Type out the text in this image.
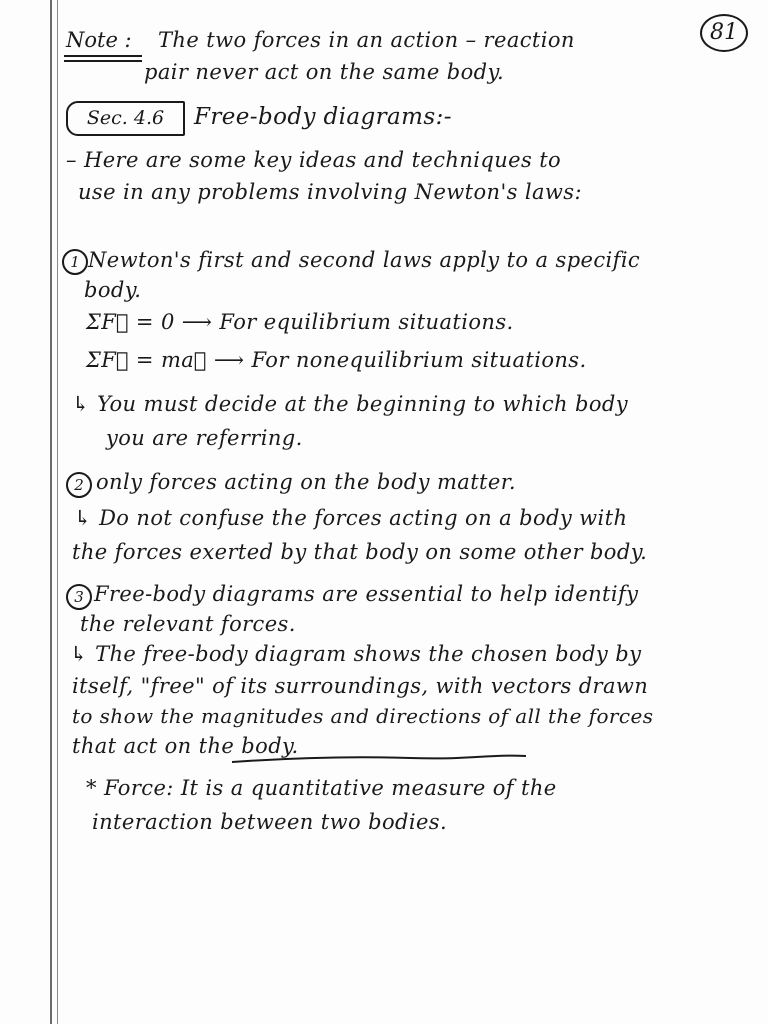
81
Note : The two forces in an action – reaction
pair never act on the same body.
Sec. 4.6	Free-body diagrams:-
– Here are some key ideas and techniques to
use in any problems involving Newton's laws:
1 Newton's first and second laws apply to a specific
body.
ΣF⃗ = 0 ⟶ For equilibrium situations.
ΣF⃗ = ma⃗ ⟶ For nonequilibrium situations.
↳ You must decide at the beginning to which body
you are referring.
2 only forces acting on the body matter.
↳ Do not confuse the forces acting on a body with
the forces exerted by that body on some other body.
3 Free-body diagrams are essential to help identify
the relevant forces.
↳ The free-body diagram shows the chosen body by
itself, "free" of its surroundings, with vectors drawn
to show the magnitudes and directions of all the forces
that act on the body.
* Force: It is a quantitative measure of the
interaction between two bodies.
